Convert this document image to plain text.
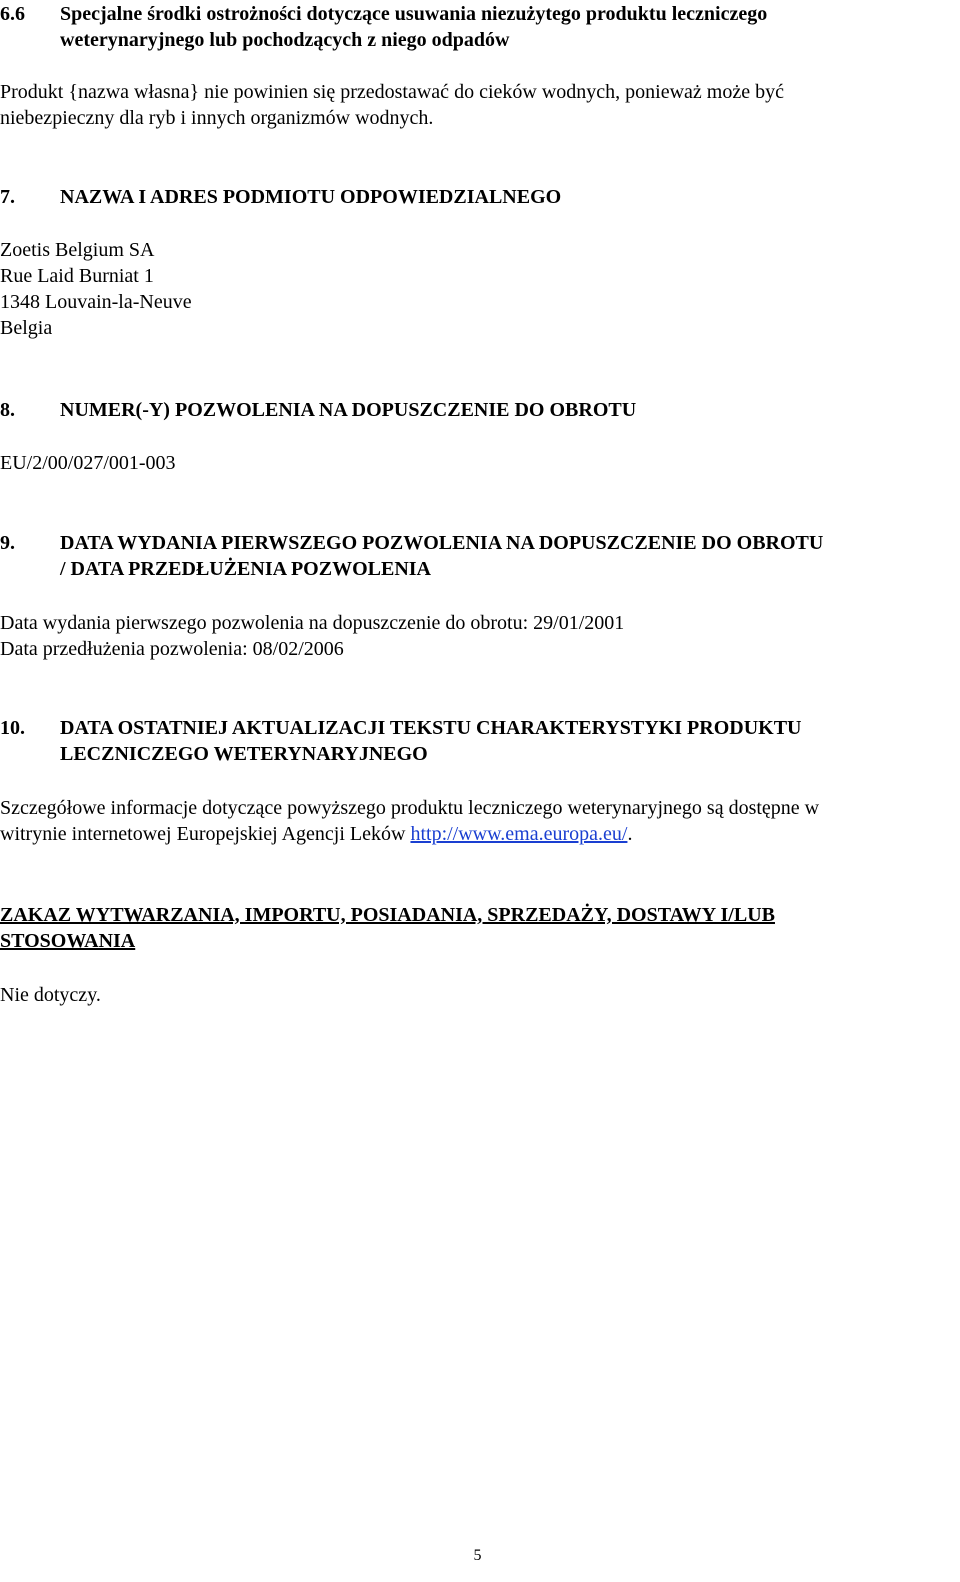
6.6 Specjalne środki ostrożności dotyczące usuwania niezużytego produktu leczniczego
weterynaryjnego lub pochodzących z niego odpadów
Produkt {nazwa własna} nie powinien się przedostawać do cieków wodnych, ponieważ może być
niebezpieczny dla ryb i innych organizmów wodnych.
7. NAZWA I ADRES PODMIOTU ODPOWIEDZIALNEGO
Zoetis Belgium SA
Rue Laid Burniat 1
1348 Louvain-la-Neuve
Belgia
8. NUMER(-Y) POZWOLENIA NA DOPUSZCZENIE DO OBROTU
EU/2/00/027/001-003
9. DATA WYDANIA PIERWSZEGO POZWOLENIA NA DOPUSZCZENIE DO OBROTU
/ DATA PRZEDŁUŻENIA POZWOLENIA
Data wydania pierwszego pozwolenia na dopuszczenie do obrotu: 29/01/2001
Data przedłużenia pozwolenia: 08/02/2006
10. DATA OSTATNIEJ AKTUALIZACJI TEKSTU CHARAKTERYSTYKI PRODUKTU
LECZNICZEGO WETERYNARYJNEGO
Szczegółowe informacje dotyczące powyższego produktu leczniczego weterynaryjnego są dostępne w
witrynie internetowej Europejskiej Agencji Leków http://www.ema.europa.eu/.
ZAKAZ WYTWARZANIA, IMPORTU, POSIADANIA, SPRZEDAŻY, DOSTAWY I/LUB
STOSOWANIA
Nie dotyczy.
5
